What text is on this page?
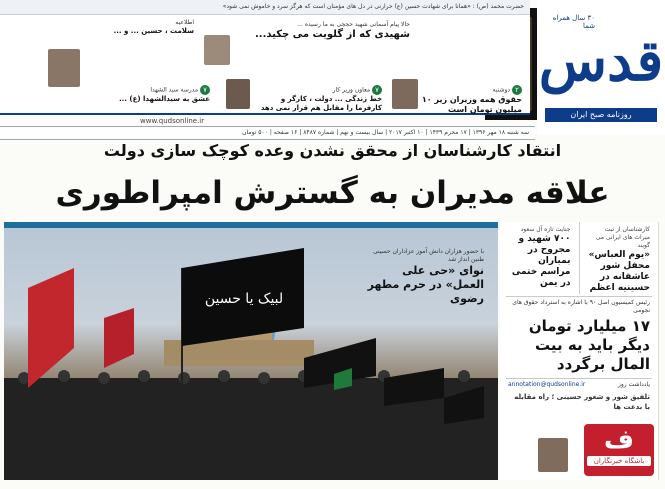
قدس
۳۰ سال همراه شما
روزنامه صبح ایران
www.qudsonline.ir
حضرت محمد (ص) : «همانا برای شهادت حسین (ع) حرارتی در دل های مؤمنان است که هرگز سرد و خاموش نمی شود»
حالا پیام آسمانی شهید حججی به ما رسیده ...
شهیدی که از گلویت می چکید...
اطلاعیه
سلامت ، حسین ... و ...
۲ دوشنبه
حقوق همه وزیران زیر ۱۰ میلیون تومان است
۷ معاون وزیر کار
خط زندگی ... دولت ، کارگر و کارفرما را مقابل هم قرار نمی دهد
۷ مدرسه سید الشهدا
عشق به سیدالشهدا (ع) ...
سه شنبه ۱۸ مهر ۱۳۹۶ | ۱۷ محرم ۱۴۳۹ | ۱۰ اکتبر ۲۰۱۷ | سال بیست و نهم | شماره ۸۴۸۷ | ۱۶ صفحه | ۵۰۰ تومان
انتقاد کارشناسان از محقق نشدن وعده کوچک سازی دولت
علاقه مدیران به گسترش امپراطوری
لبیک یا حسین
با حضور هزاران دانش آموز عزاداران حسینی طنین انداز شد
نوای «حی علی العمل» در حرم مطهر رضوی
کارشناسان از ثبت میراث های ایرانی می گویند
«یوم العباس» محفل شور عاشقانه در حسینیه اعظم
جنایت تازه آل سعود
۷۰۰ شهید و مجروح در بمباران مراسم ختمی در یمن
رئیس کمیسیون اصل ۹۰ با اشاره به استرداد حقوق های نجومی
۱۷ میلیارد تومان دیگر باید به بیت المال برگردد
یادداشت روز
annotation@qudsonline.ir
تلفیق شور و شعور حسینی ؛ راه مقابله با بدعت ها
ف
باشگاه خبرنگاران
